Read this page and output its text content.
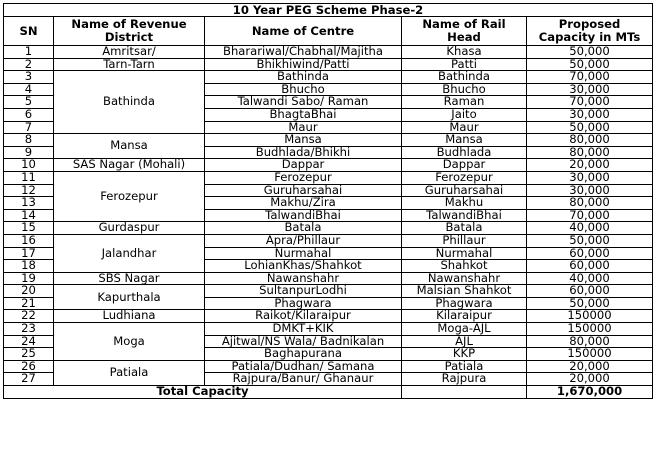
10 Year PEG Scheme Phase-2				
SN	Name of Revenue District	Name of Centre	Name of Rail Head	Proposed Capacity in MTs
1	Amritsar/	Bharariwal/Chabhal/Majitha	Khasa	50,000
2	Tarn-Tarn	Bhikhiwind/Patti	Patti	50,000
3	Bathinda	Bathinda	Bathinda	70,000
4		Bhucho	Bhucho	30,000
5		Talwandi Sabo/ Raman	Raman	70,000
6		BhagtaBhai	Jaito	30,000
7		Maur	Maur	50,000
8	Mansa	Mansa	Mansa	80,000
9		Budhlada/Bhikhi	Budhlada	80,000
10	SAS Nagar (Mohali)	Dappar	Dappar	20,000
11	Ferozepur	Ferozepur	Ferozepur	30,000
12		Guruharsahai	Guruharsahai	30,000
13		Makhu/Zira	Makhu	80,000
14		TalwandiBhai	TalwandiBhai	70,000
15	Gurdaspur	Batala	Batala	40,000
16	Jalandhar	Apra/Phillaur	Phillaur	50,000
17		Nurmahal	Nurmahal	60,000
18		LohianKhas/Shahkot	Shahkot	60,000
19	SBS Nagar	Nawanshahr	Nawanshahr	40,000
20	Kapurthala	SultanpurLodhi	Malsian Shahkot	60,000
21		Phagwara	Phagwara	50,000
22	Ludhiana	Raikot/Kilaraipur	Kilaraipur	150000
23	Moga	DMKT+KIK	Moga-AJL	150000
24		Ajitwal/NS Wala/ Badnikalan	AJL	80,000
25		Baghapurana	KKP	150000
26	Patiala	Patiala/Dudhan/ Samana	Patiala	20,000
27		Rajpura/Banur/ Ghanaur	Rajpura	20,000
Total Capacity				1,670,000
